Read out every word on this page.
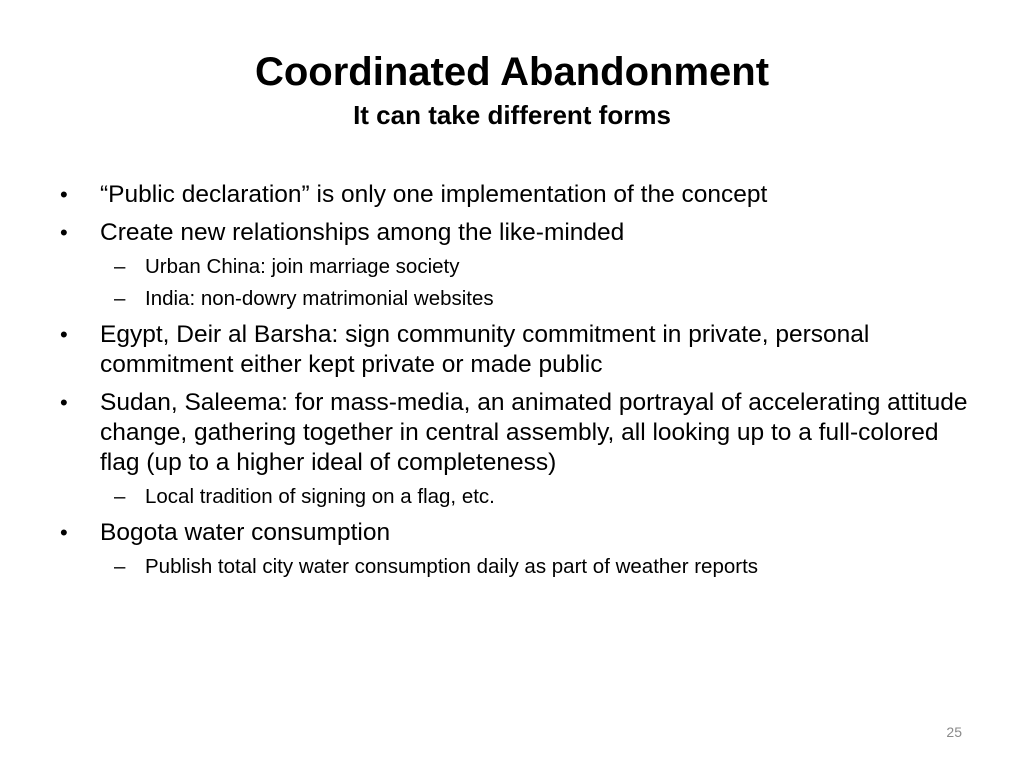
Coordinated Abandonment
It can take different forms
• “Public declaration” is only one implementation of the concept
• Create new relationships among the like-minded
– Urban China: join marriage society
– India: non-dowry matrimonial websites
• Egypt, Deir al Barsha: sign community commitment in private, personal commitment either kept private or made public
• Sudan, Saleema: for mass-media, an animated portrayal of accelerating attitude change, gathering together in central assembly, all looking up to a full-colored flag (up to a higher ideal of completeness)
– Local tradition of signing on a flag, etc.
• Bogota water consumption
– Publish total city water consumption daily as part of weather reports
25
